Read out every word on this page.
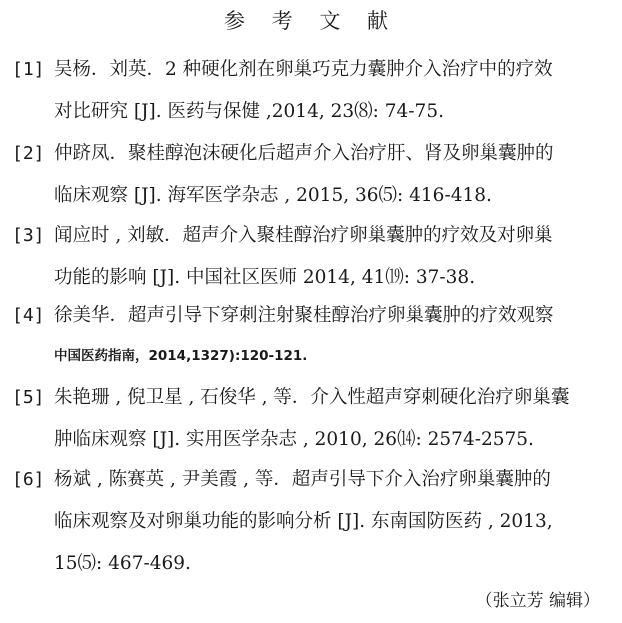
参 考 文 献
[1] 吴杨．刘英．2 种硬化剂在卵巢巧克力囊肿介入治疗中的疗效
对比研究 [J]. 医药与保健 ,2014, 23⑻: 74-75.
[2] 仲跻凤．聚桂醇泡沫硬化后超声介入治疗肝、肾及卵巢囊肿的
临床观察 [J]. 海军医学杂志 , 2015, 36⑸: 416-418.
[3] 闻应时 , 刘敏．超声介入聚桂醇治疗卵巢囊肿的疗效及对卵巢
功能的影响 [J]. 中国社区医师 2014, 41⒆: 37-38.
[4] 徐美华．超声引导下穿刺注射聚桂醇治疗卵巢囊肿的疗效观察
中国医药指南，2014,1327):120-121.
[5] 朱艳珊 , 倪卫星 , 石俊华 , 等．介入性超声穿刺硬化治疗卵巢囊
肿临床观察 [J]. 实用医学杂志 , 2010, 26⒁: 2574-2575.
[6] 杨斌 , 陈赛英 , 尹美霞 , 等．超声引导下介入治疗卵巢囊肿的
临床观察及对卵巢功能的影响分析 [J]. 东南国防医药 , 2013,
15⑸: 467-469.
（张立芳 编辑）
